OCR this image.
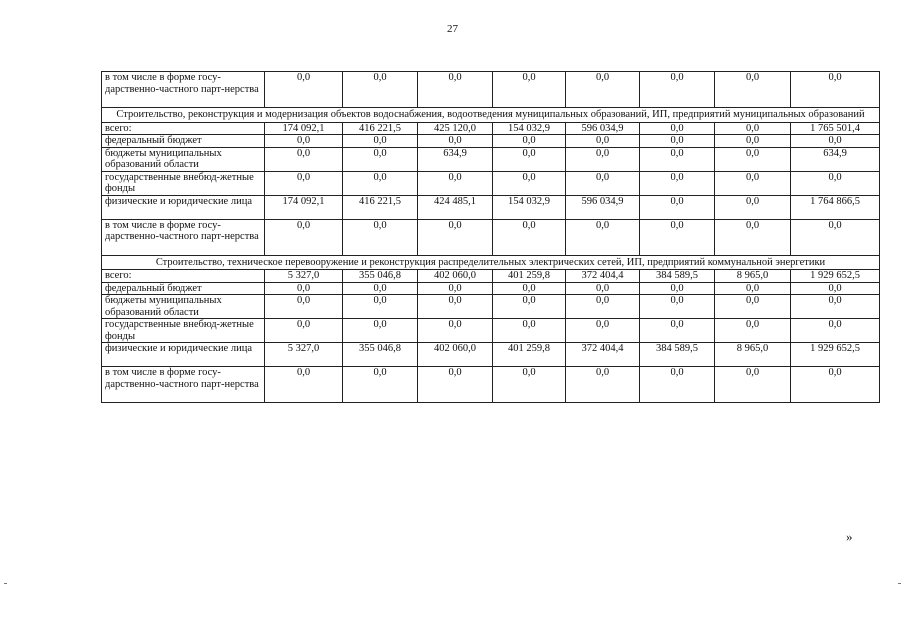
27
в том числе в форме госу-дарственно-частного парт-нерства	0,0	0,0	0,0	0,0	0,0	0,0	0,0	0,0
Строительство, реконструкция и модернизация объектов водоснабжения, водоотведения муниципальных образований, ИП, предприятий муниципальных образований								
всего:	174 092,1	416 221,5	425 120,0	154 032,9	596 034,9	0,0	0,0	1 765 501,4
федеральный бюджет	0,0	0,0	0,0	0,0	0,0	0,0	0,0	0,0
бюджеты муниципальных образований области	0,0	0,0	634,9	0,0	0,0	0,0	0,0	634,9
государственные внебюд-жетные фонды	0,0	0,0	0,0	0,0	0,0	0,0	0,0	0,0
физические и юридические лица	174 092,1	416 221,5	424 485,1	154 032,9	596 034,9	0,0	0,0	1 764 866,5
в том числе в форме госу-дарственно-частного парт-нерства	0,0	0,0	0,0	0,0	0,0	0,0	0,0	0,0
Строительство, техническое перевооружение и реконструкция распределительных электрических сетей, ИП, предприятий коммунальной энергетики								
всего:	5 327,0	355 046,8	402 060,0	401 259,8	372 404,4	384 589,5	8 965,0	1 929 652,5
федеральный бюджет	0,0	0,0	0,0	0,0	0,0	0,0	0,0	0,0
бюджеты муниципальных образований области	0,0	0,0	0,0	0,0	0,0	0,0	0,0	0,0
государственные внебюд-жетные фонды	0,0	0,0	0,0	0,0	0,0	0,0	0,0	0,0
физические и юридические лица	5 327,0	355 046,8	402 060,0	401 259,8	372 404,4	384 589,5	8 965,0	1 929 652,5
в том числе в форме госу-дарственно-частного парт-нерства	0,0	0,0	0,0	0,0	0,0	0,0	0,0	0,0
»
